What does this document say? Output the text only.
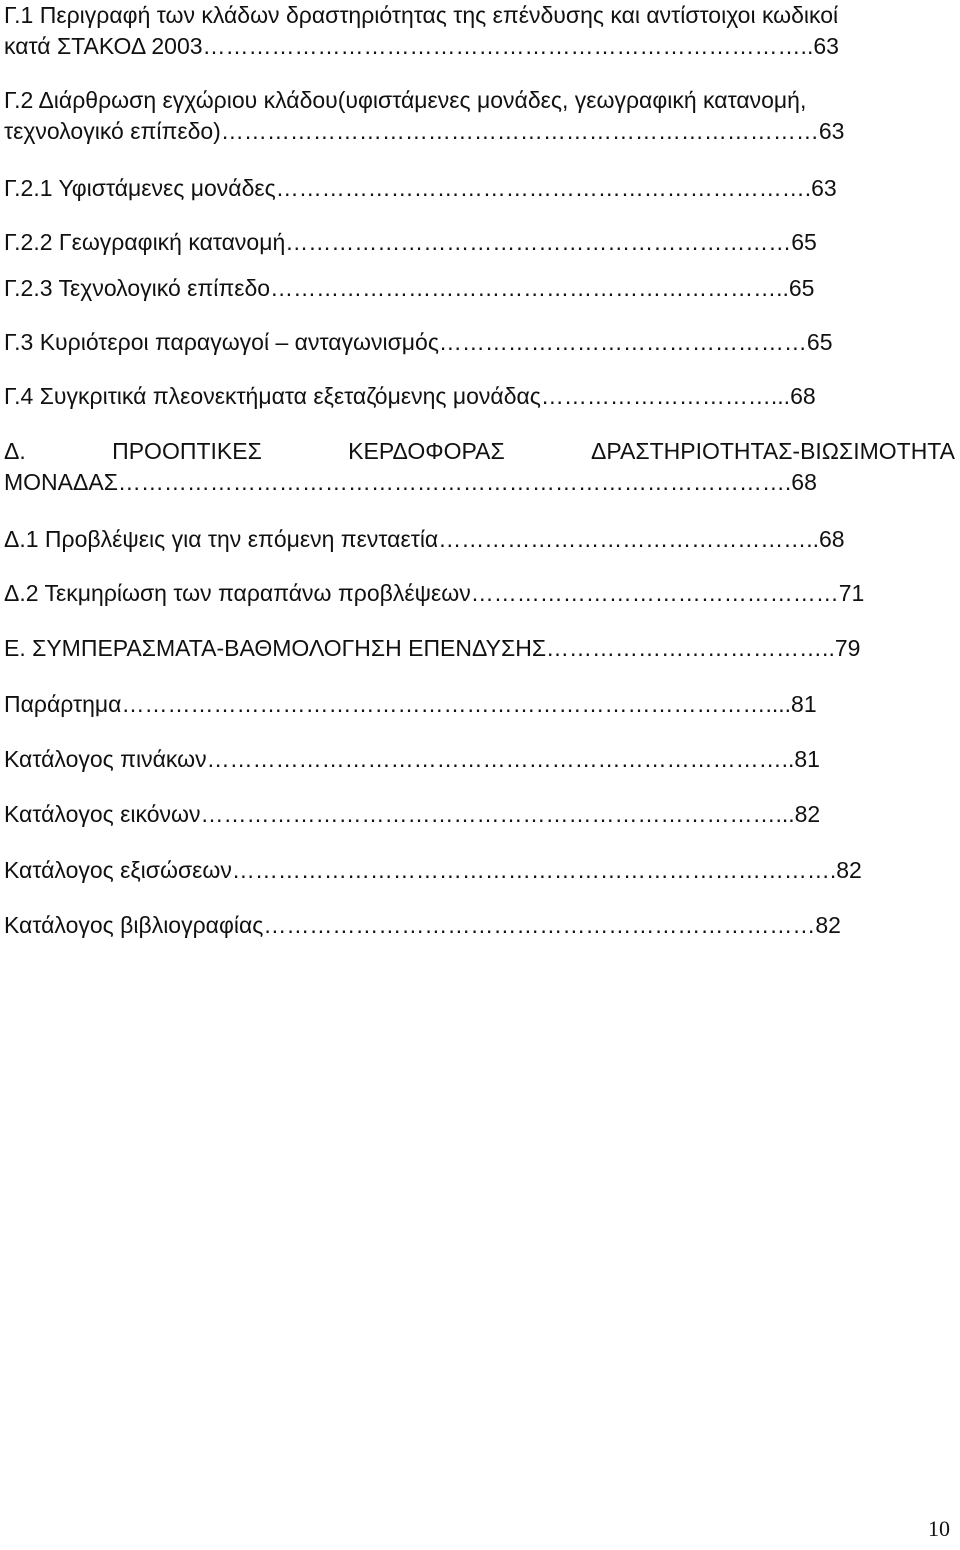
Γ.1 Περιγραφή των κλάδων δραστηριότητας της επένδυσης και αντίστοιχοι κωδικοί
κατά ΣΤΑΚΟΔ 2003……………………………………………………………………..63
Γ.2 Διάρθρωση εγχώριου κλάδου(υφιστάμενες μονάδες, γεωγραφική κατανομή,
τεχνολογικό επίπεδο)……………………………………………………………………63
Γ.2.1 Υφιστάμενες μονάδες…………………………………………………………….63
Γ.2.2 Γεωγραφική κατανομή…………………………………………………………65
Γ.2.3 Τεχνολογικό επίπεδο…………………………………………………………..65
Γ.3 Κυριότεροι παραγωγοί – ανταγωνισμός…………………………………………65
Γ.4 Συγκριτικά πλεονεκτήματα εξεταζόμενης μονάδας…………………………...68
Δ.	ΠΡΟΟΠΤΙΚΕΣ	ΚΕΡΔΟΦΟΡΑΣ	ΔΡΑΣΤΗΡΙΟΤΗΤΑΣ-ΒΙΩΣΙΜΟΤΗΤΑ
ΜΟΝΑΔΑΣ…………………………………………………………………………….68
Δ.1 Προβλέψεις για την επόμενη πενταετία…………………………………………..68
Δ.2 Τεκμηρίωση των παραπάνω προβλέψεων…………………………………………71
Ε. ΣΥΜΠΕΡΑΣΜΑΤΑ-ΒΑΘΜΟΛΟΓΗΣΗ ΕΠΕΝΔΥΣΗΣ………………………………..79
Παράρτημα…………………………………………………………………………....81
Κατάλογος πινάκων…………………………………………………………………..81
Κατάλογος εικόνων…………………………………………………………………...82
Κατάλογος εξισώσεων…………………………………………………………………….82
Κατάλογος βιβλιογραφίας………………………………………………………………82
10
